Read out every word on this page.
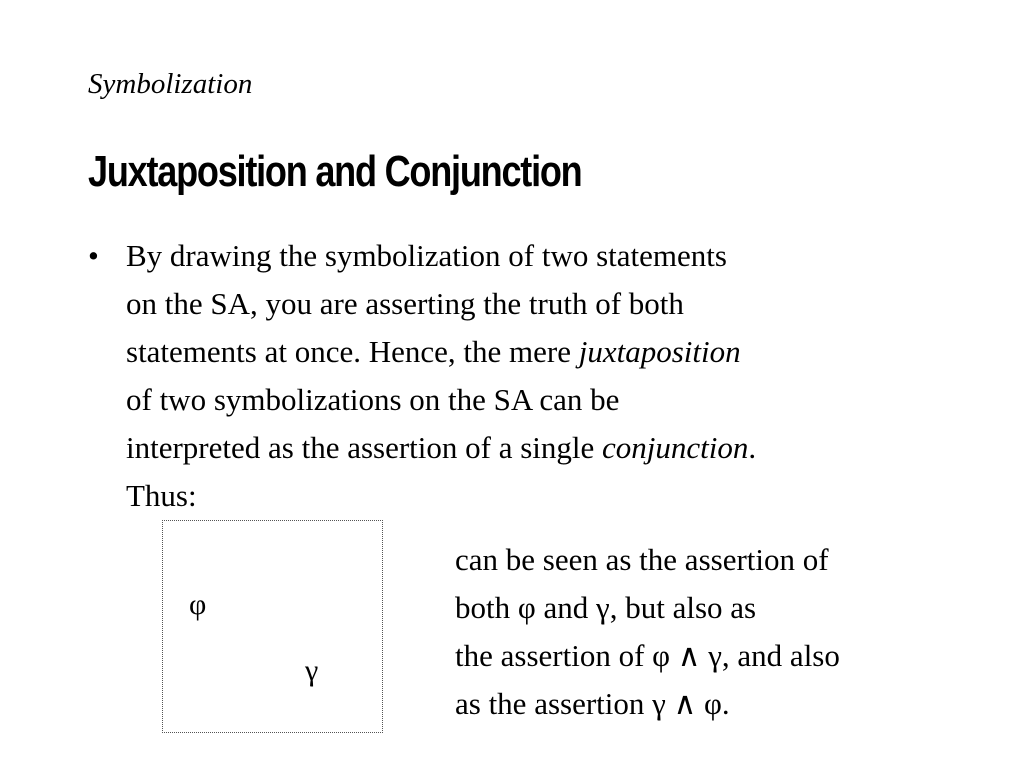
Symbolization
Juxtaposition and Conjunction
• By drawing the symbolization of two statements
on the SA, you are asserting the truth of both
statements at once. Hence, the mere juxtaposition
of two symbolizations on the SA can be
interpreted as the assertion of a single conjunction.
Thus:
φ
γ
can be seen as the assertion of
both φ and γ, but also as
the assertion of φ ∧ γ, and also
as the assertion γ ∧ φ.
